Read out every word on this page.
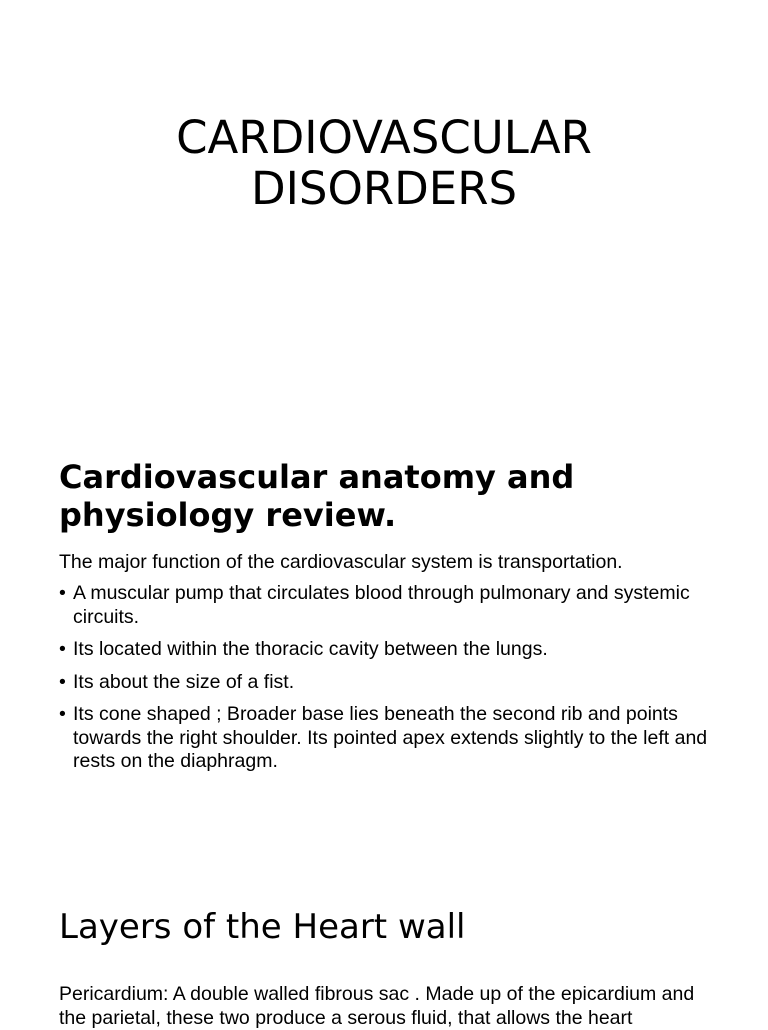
CARDIOVASCULAR
DISORDERS
Cardiovascular anatomy and
physiology review.

The major function of the cardiovascular system is transportation.

• A muscular pump that circulates blood through pulmonary and systemic circuits.
• Its located within the thoracic cavity between the lungs.
• Its about the size of a fist.
• Its cone shaped ; Broader base lies beneath the second rib and points towards the right shoulder. Its pointed apex extends slightly to the left and rests on the diaphragm.
Layers of the Heart wall

Pericardium: A double walled fibrous sac . Made up of the epicardium and the parietal, these two produce a serous fluid, that allows the heart
